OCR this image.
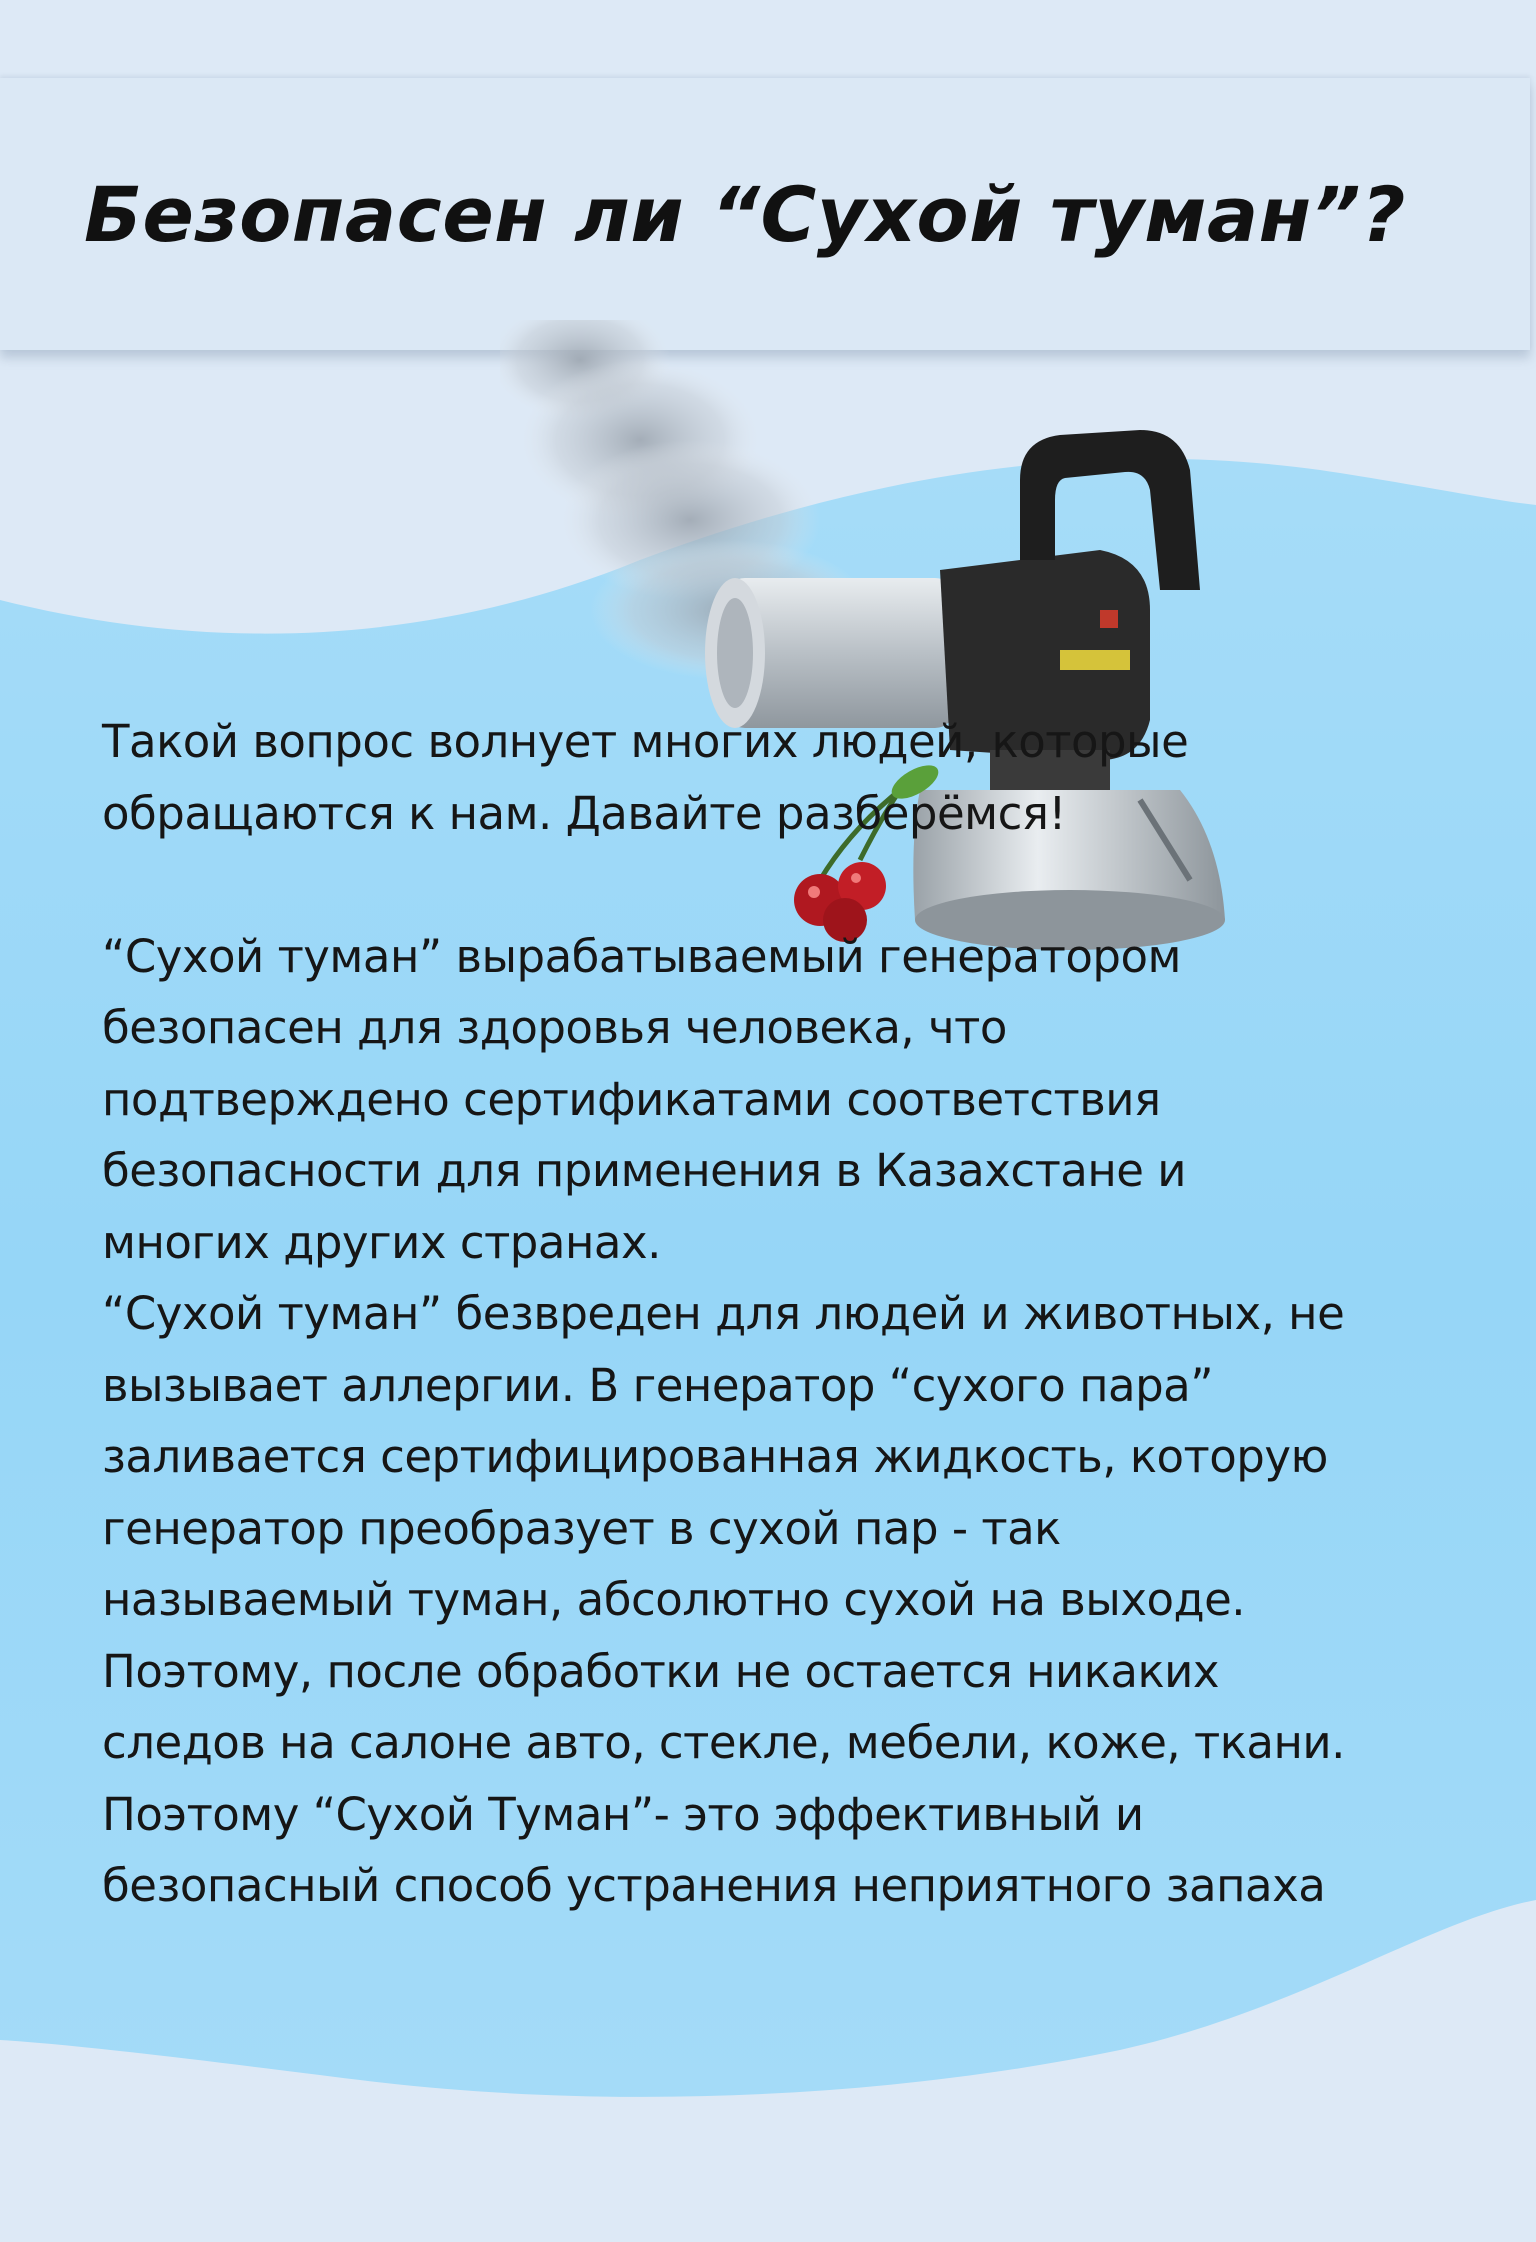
Безопасен ли “Сухой туман”?
Такой вопрос волнует многих людей, которые
обращаются к нам. Давайте разберёмся!
“Сухой туман” вырабатываемый генератором
безопасен для здоровья человека, что
подтверждено сертификатами соответствия
безопасности для применения в Казахстане и
многих других странах.
“Сухой туман” безвреден для людей и животных, не
вызывает аллергии. В генератор “сухого пара”
заливается сертифицированная жидкость, которую
генератор преобразует в сухой пар - так
называемый туман, абсолютно сухой на выходе.
Поэтому, после обработки не остается никаких
следов на салоне авто, стекле, мебели, коже, ткани.
Поэтому “Сухой Туман”- это эффективный и
безопасный способ устранения неприятного запаха
